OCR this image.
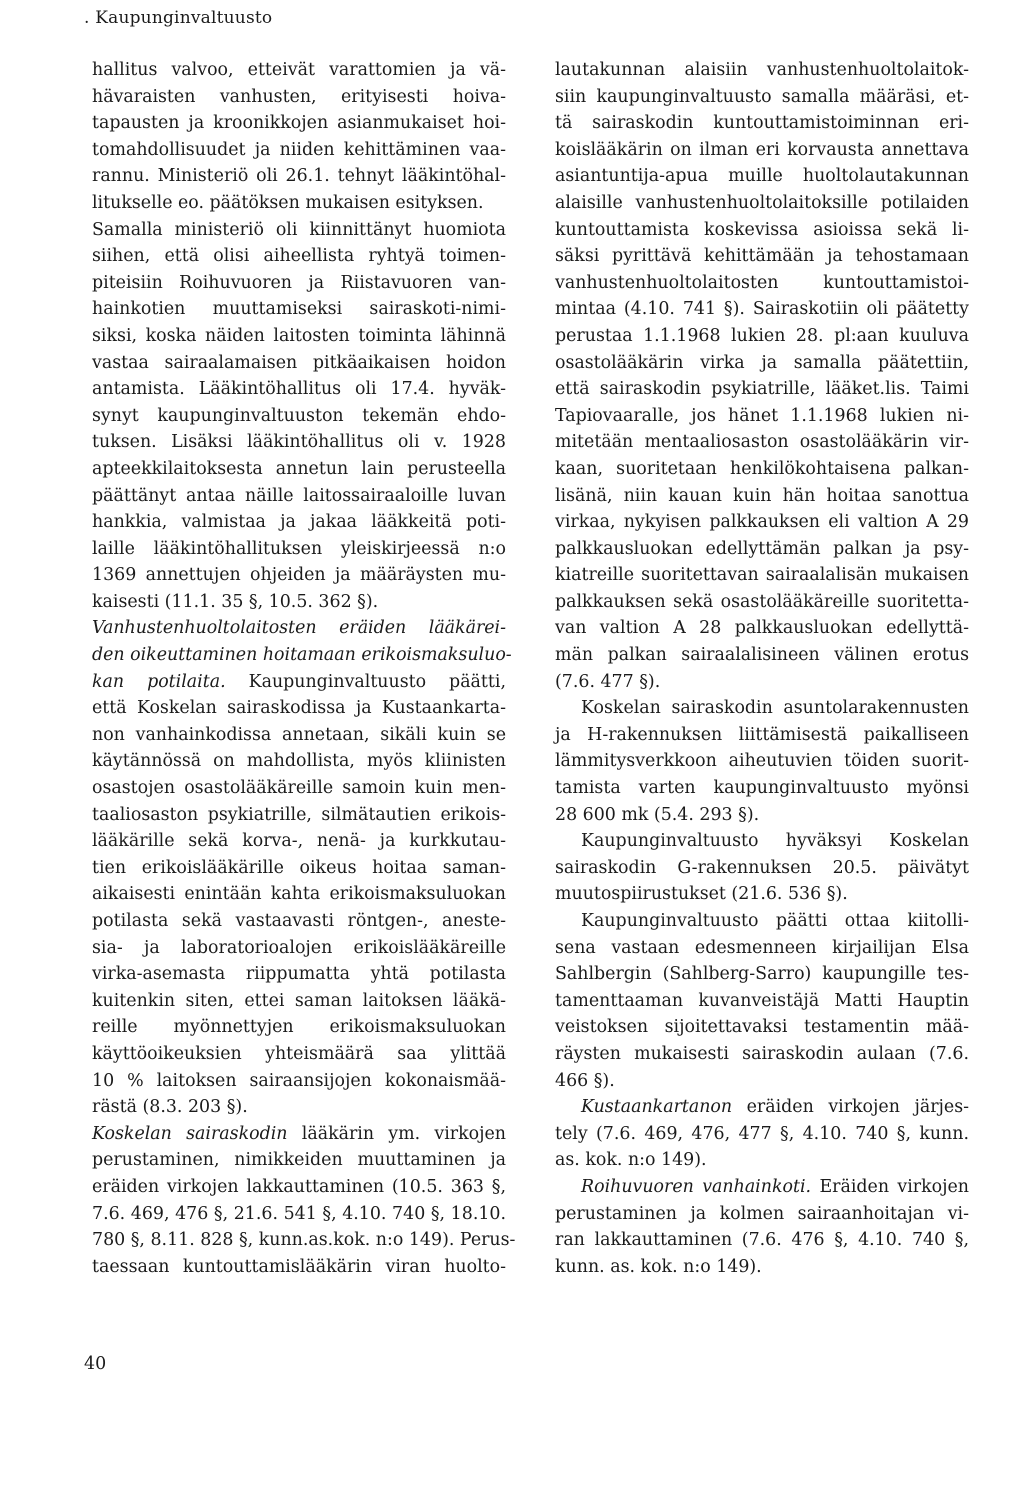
. Kaupunginvaltuusto
hallitus valvoo, etteivät varattomien ja vä-
hävaraisten vanhusten, erityisesti hoiva-
tapausten ja kroonikkojen asianmukaiset hoi-
tomahdollisuudet ja niiden kehittäminen vaa-
rannu. Ministeriö oli 26.1. tehnyt lääkintöhal-
litukselle eo. päätöksen mukaisen esityksen.
Samalla ministeriö oli kiinnittänyt huomiota
siihen, että olisi aiheellista ryhtyä toimen-
piteisiin Roihuvuoren ja Riistavuoren van-
hainkotien muuttamiseksi sairaskoti-nimi-
siksi, koska näiden laitosten toiminta lähinnä
vastaa sairaalamaisen pitkäaikaisen hoidon
antamista. Lääkintöhallitus oli 17.4. hyväk-
synyt kaupunginvaltuuston tekemän ehdo-
tuksen. Lisäksi lääkintöhallitus oli v. 1928
apteekkilaitoksesta annetun lain perusteella
päättänyt antaa näille laitossairaaloille luvan
hankkia, valmistaa ja jakaa lääkkeitä poti-
laille lääkintöhallituksen yleiskirjeessä n:o
1369 annettujen ohjeiden ja määräysten mu-
kaisesti (11.1. 35 §, 10.5. 362 §).
Vanhustenhuoltolaitosten eräiden lääkärei-
den oikeuttaminen hoitamaan erikoismaksuluo-
kan potilaita. Kaupunginvaltuusto päätti,
että Koskelan sairaskodissa ja Kustaankarta-
non vanhainkodissa annetaan, sikäli kuin se
käytännössä on mahdollista, myös kliinisten
osastojen osastolääkäreille samoin kuin men-
taaliosaston psykiatrille, silmätautien erikois-
lääkärille sekä korva-, nenä- ja kurkkutau-
tien erikoislääkärille oikeus hoitaa saman-
aikaisesti enintään kahta erikoismaksuluokan
potilasta sekä vastaavasti röntgen-, aneste-
sia- ja laboratorioalojen erikoislääkäreille
virka-asemasta riippumatta yhtä potilasta
kuitenkin siten, ettei saman laitoksen lääkä-
reille myönnettyjen erikoismaksuluokan
käyttöoikeuksien yhteismäärä saa ylittää
10 % laitoksen sairaansijojen kokonaismää-
rästä (8.3. 203 §).
Koskelan sairaskodin lääkärin ym. virkojen
perustaminen, nimikkeiden muuttaminen ja
eräiden virkojen lakkauttaminen (10.5. 363 §,
7.6. 469, 476 §, 21.6. 541 §, 4.10. 740 §, 18.10.
780 §, 8.11. 828 §, kunn.as.kok. n:o 149). Perus-
taessaan kuntouttamislääkärin viran huolto-
lautakunnan alaisiin vanhustenhuoltolaitok-
siin kaupunginvaltuusto samalla määräsi, et-
tä sairaskodin kuntouttamistoiminnan eri-
koislääkärin on ilman eri korvausta annettava
asiantuntija-apua muille huoltolautakunnan
alaisille vanhustenhuoltolaitoksille potilaiden
kuntouttamista koskevissa asioissa sekä li-
säksi pyrittävä kehittämään ja tehostamaan
vanhustenhuoltolaitosten kuntouttamistoi-
mintaa (4.10. 741 §). Sairaskotiin oli päätetty
perustaa 1.1.1968 lukien 28. pl:aan kuuluva
osastolääkärin virka ja samalla päätettiin,
että sairaskodin psykiatrille, lääket.lis. Taimi
Tapiovaaralle, jos hänet 1.1.1968 lukien ni-
mitetään mentaaliosaston osastolääkärin vir-
kaan, suoritetaan henkilökohtaisena palkan-
lisänä, niin kauan kuin hän hoitaa sanottua
virkaa, nykyisen palkkauksen eli valtion A 29
palkkausluokan edellyttämän palkan ja psy-
kiatreille suoritettavan sairaalalisän mukaisen
palkkauksen sekä osastolääkäreille suoritetta-
van valtion A 28 palkkausluokan edellyttä-
män palkan sairaalalisineen välinen erotus
(7.6. 477 §).
Koskelan sairaskodin asuntolarakennusten
ja H-rakennuksen liittämisestä paikalliseen
lämmitysverkkoon aiheutuvien töiden suorit-
tamista varten kaupunginvaltuusto myönsi
28 600 mk (5.4. 293 §).
Kaupunginvaltuusto hyväksyi Koskelan
sairaskodin G-rakennuksen 20.5. päivätyt
muutospiirustukset (21.6. 536 §).
Kaupunginvaltuusto päätti ottaa kiitolli-
sena vastaan edesmenneen kirjailijan Elsa
Sahlbergin (Sahlberg-Sarro) kaupungille tes-
tamenttaaman kuvanveistäjä Matti Hauptin
veistoksen sijoitettavaksi testamentin mää-
räysten mukaisesti sairaskodin aulaan (7.6.
466 §).
Kustaankartanon eräiden virkojen järjes-
tely (7.6. 469, 476, 477 §, 4.10. 740 §, kunn.
as. kok. n:o 149).
Roihuvuoren vanhainkoti. Eräiden virkojen
perustaminen ja kolmen sairaanhoitajan vi-
ran lakkauttaminen (7.6. 476 §, 4.10. 740 §,
kunn. as. kok. n:o 149).
40
